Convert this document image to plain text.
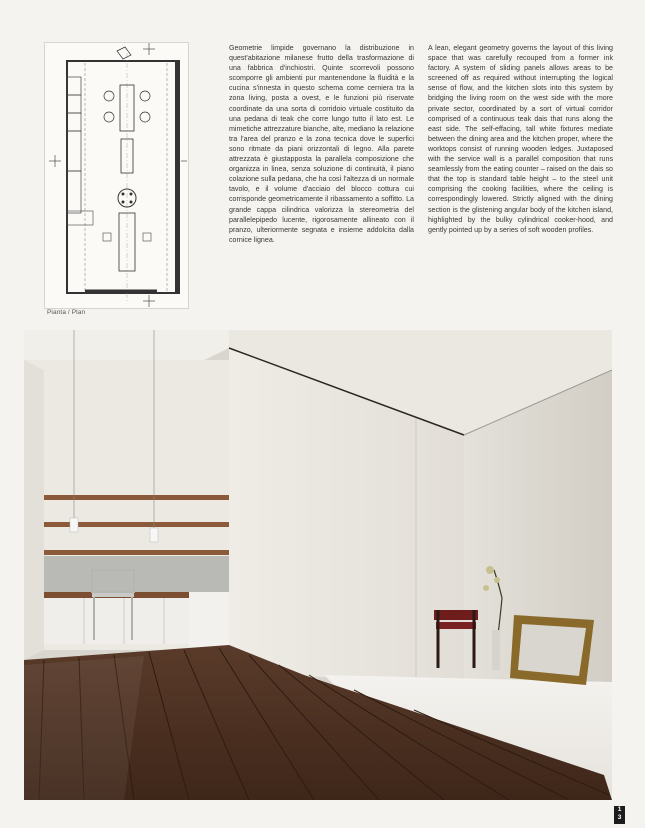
Pianta / Plan

Geometrie limpide governano la distribuzione in quest'abitazione milanese frutto della trasformazione di una fabbrica d'inchiostri. Quinte scorrevoli possono scomporre gli ambienti pur mantenendone la fluidità e la cucina s'innesta in questo schema come cerniera tra la zona living, posta a ovest, e le funzioni più riservate coordinate da una sorta di corridoio virtuale costituito da una pedana di teak che corre lungo tutto il lato est. Le mimetiche attrezzature bianche, alte, mediano la relazione tra l'area del pranzo e la zona tecnica dove le superfici sono ritmate da piani orizzontali di legno. Alla parete attrezzata è giustapposta la parallela composizione che organizza in linea, senza soluzione di continuità, il piano colazione sulla pedana, che ha così l'altezza di un normale tavolo, e il volume d'acciaio del blocco cottura cui corrisponde geometricamente il ribassamento a soffitto. La grande cappa cilindrica valorizza la stereometria del parallelepipedo lucente, rigorosamente allineato con il pranzo, ulteriormente segnata e insieme addolcita dalla cornice lignea.

A lean, elegant geometry governs the layout of this living space that was carefully recouped from a former ink factory. A system of sliding panels allows areas to be screened off as required without interrupting the logical sense of flow, and the kitchen slots into this system by bridging the living room on the west side with the more private sector, coordinated by a sort of virtual corridor comprised of a continuous teak dais that runs along the east side. The self-effacing, tall white fixtures mediate between the dining area and the kitchen proper, where the worktops consist of running wooden ledges. Juxtaposed with the service wall is a parallel composition that runs seamlessly from the eating counter – raised on the dais so that the top is standard table height – to the steel unit comprising the cooking facilities, where the ceiling is correspondingly lowered. Strictly aligned with the dining section is the glistening angular body of the kitchen island, highlighted by the bulky cylindrical cooker-hood, and gently pointed up by a series of soft wooden profiles.

1
3
